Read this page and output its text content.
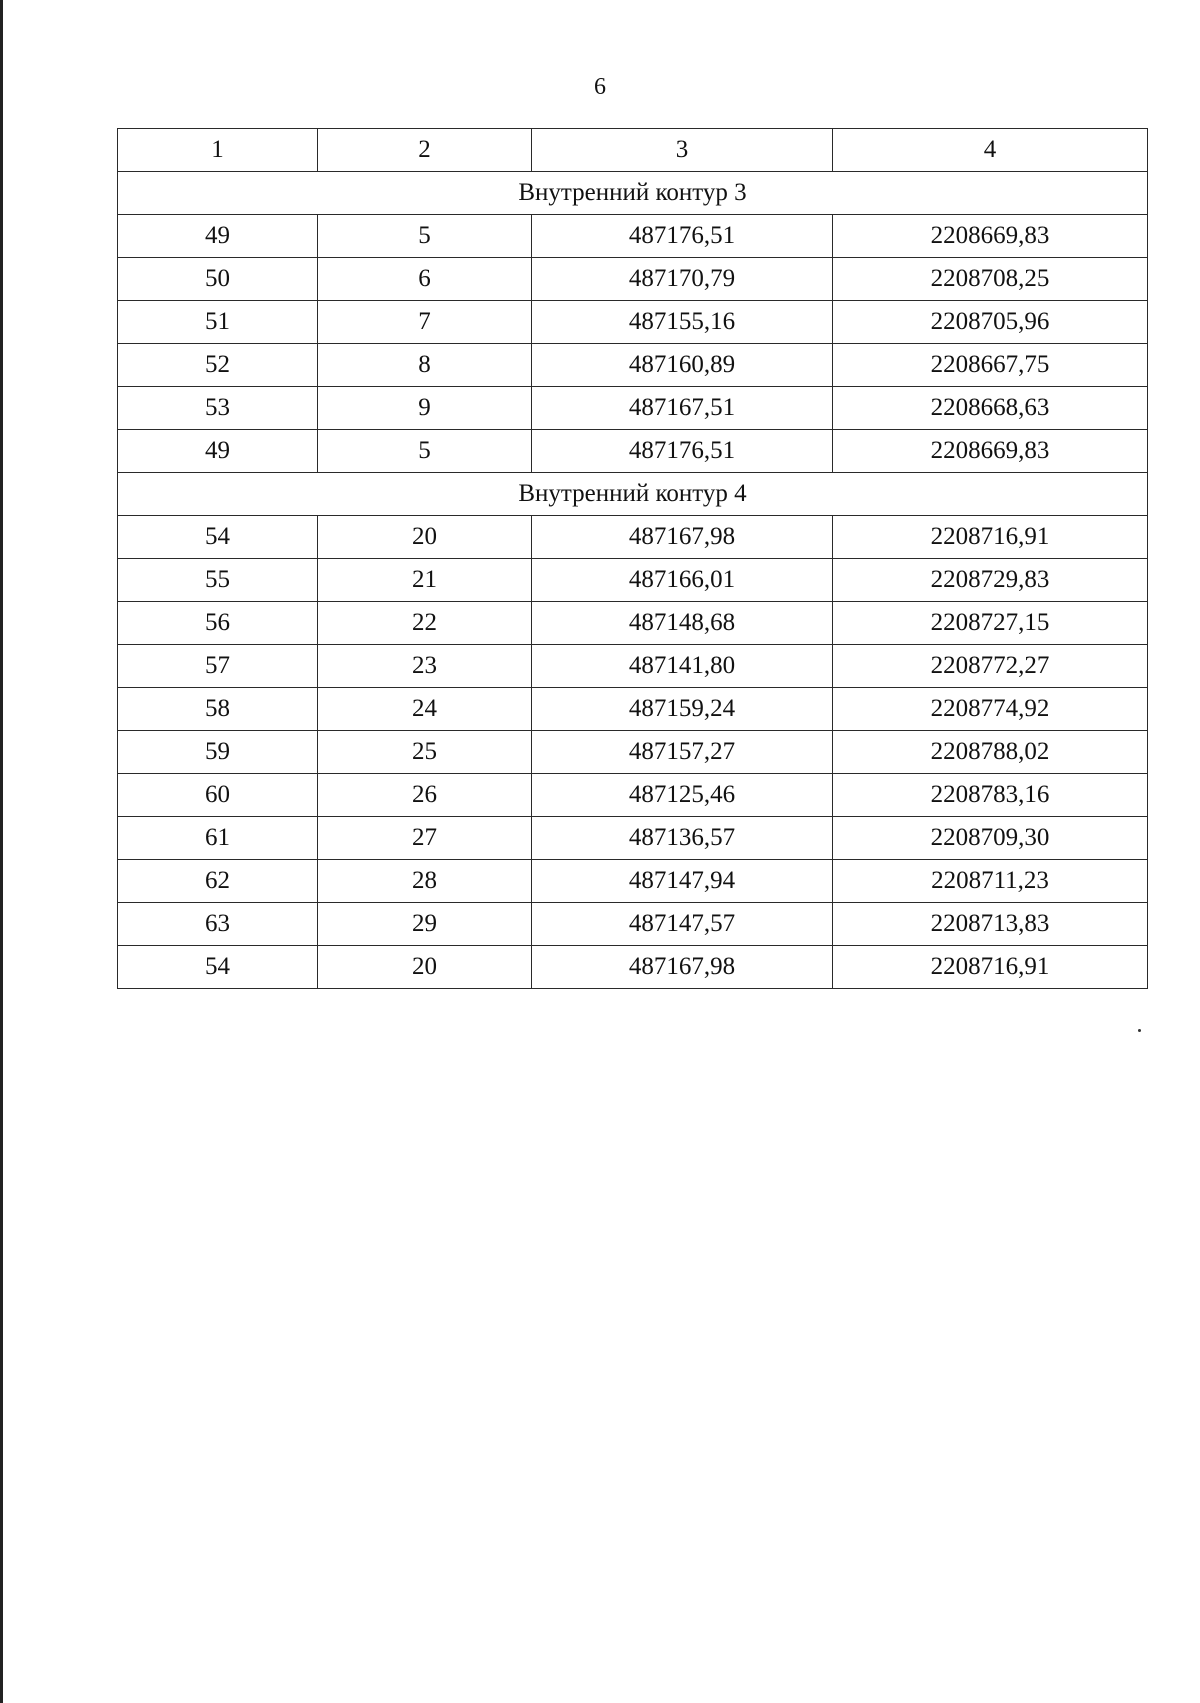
6
1	2	3	4
Внутренний контур 3			
49	5	487176,51	2208669,83
50	6	487170,79	2208708,25
51	7	487155,16	2208705,96
52	8	487160,89	2208667,75
53	9	487167,51	2208668,63
49	5	487176,51	2208669,83
Внутренний контур 4			
54	20	487167,98	2208716,91
55	21	487166,01	2208729,83
56	22	487148,68	2208727,15
57	23	487141,80	2208772,27
58	24	487159,24	2208774,92
59	25	487157,27	2208788,02
60	26	487125,46	2208783,16
61	27	487136,57	2208709,30
62	28	487147,94	2208711,23
63	29	487147,57	2208713,83
54	20	487167,98	2208716,91
